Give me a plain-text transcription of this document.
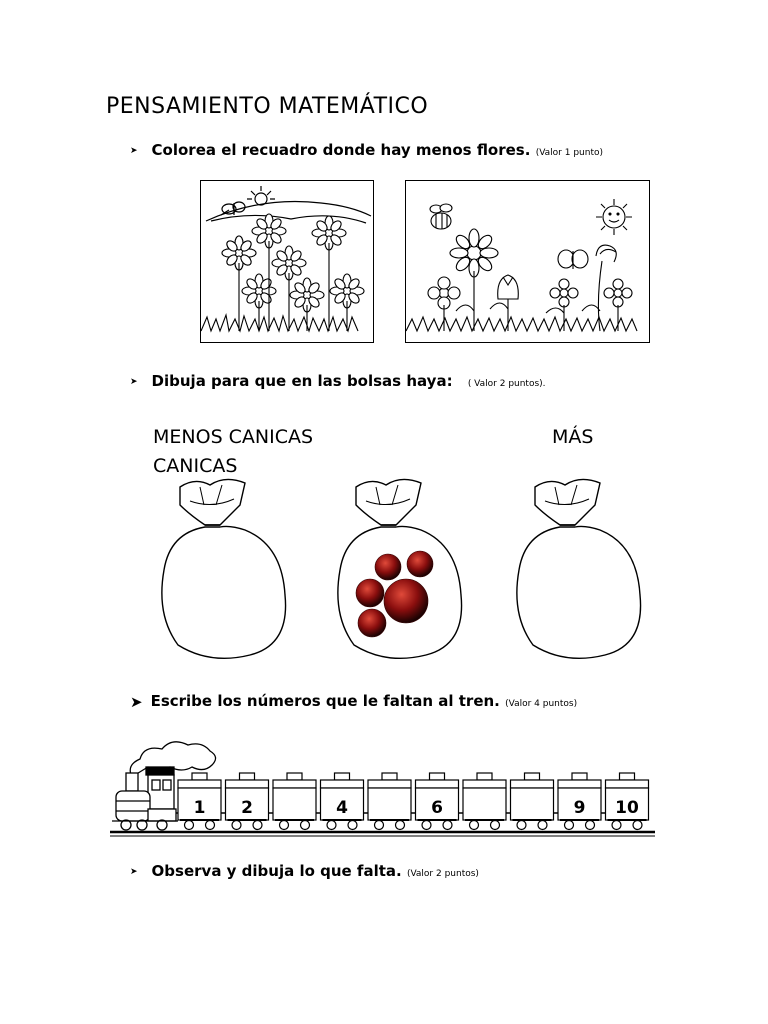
PENSAMIENTO MATEMÁTICO
➤ Colorea el recuadro donde hay menos flores. (Valor 1 punto)
➤ Dibuja para que en las bolsas haya: ( Valor 2 puntos).
MENOS CANICAS	MÁS
CANICAS
➤ Escribe los números que le faltan al tren. (Valor 4 puntos)
1 2	4	6	9 10
➤ Observa y dibuja lo que falta. (Valor 2 puntos)
